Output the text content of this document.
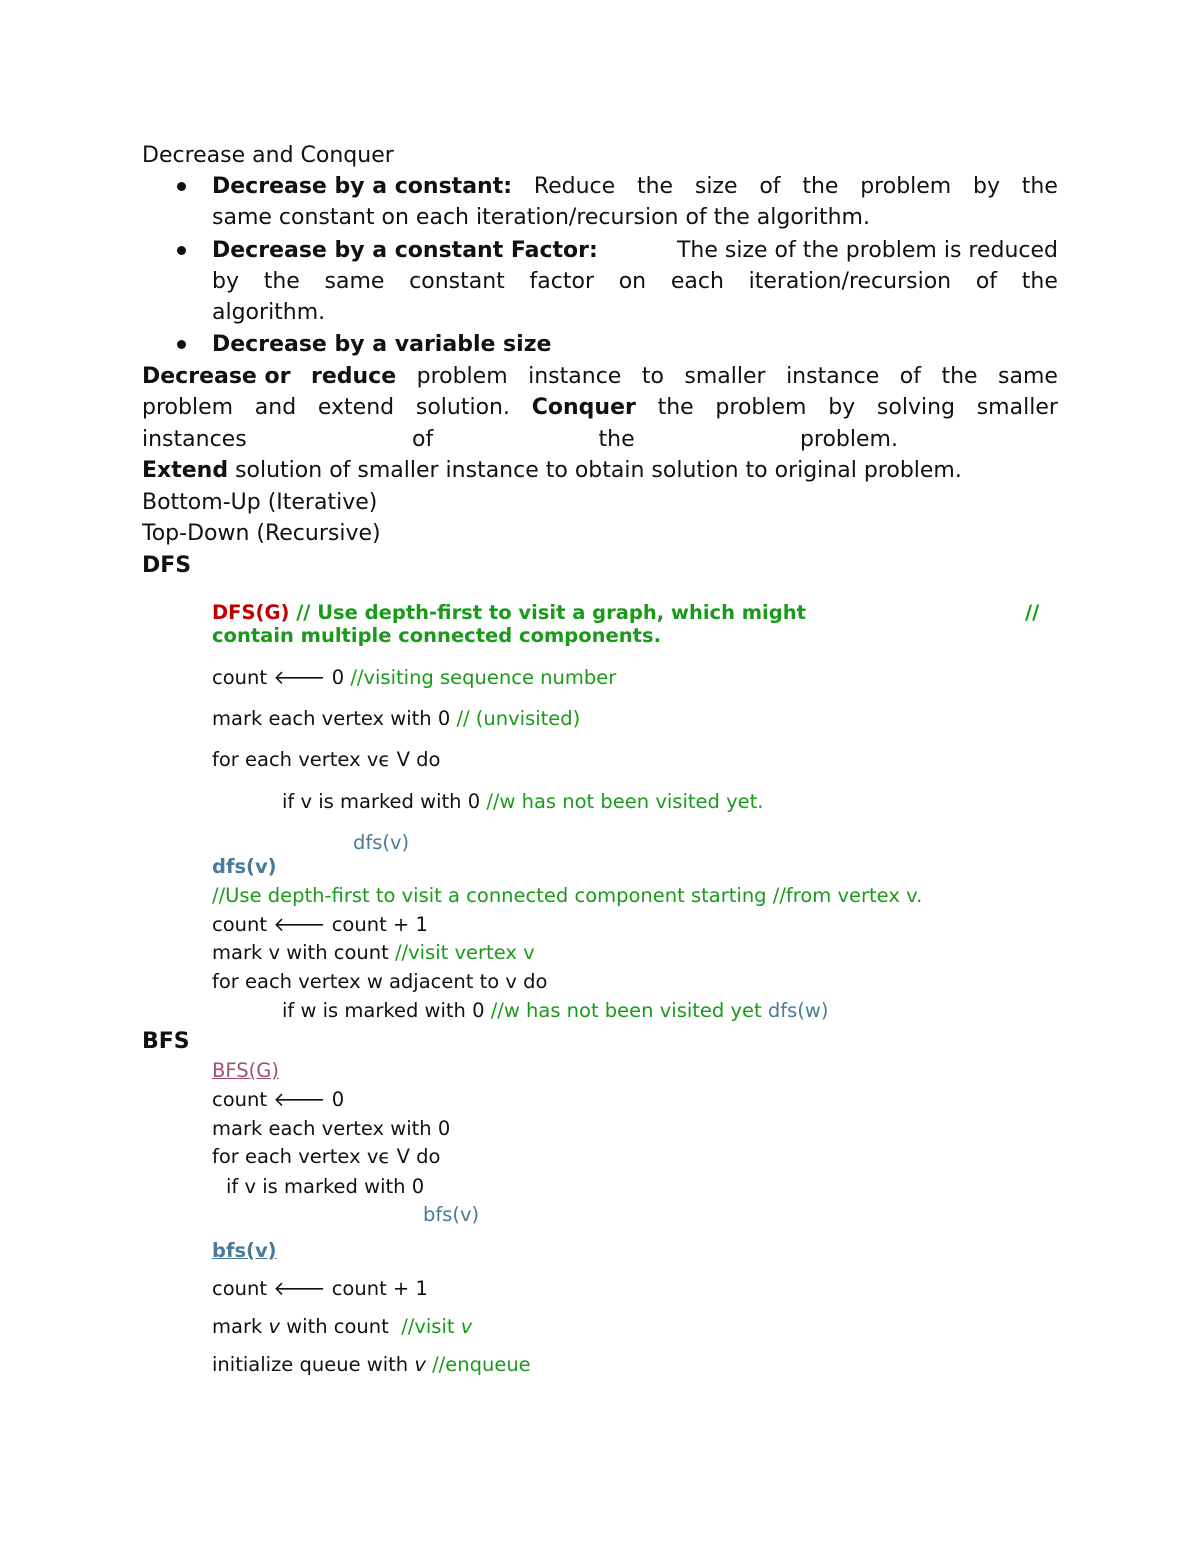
Decrease and Conquer
Decrease by a constant: Reduce the size of the problem by the
same constant on each iteration/recursion of the algorithm.
Decrease by a constant Factor:	The size of the problem is reduced
by the same constant factor on each iteration/recursion of the
algorithm.
Decrease by a variable size
Decrease or reduce problem instance to smaller instance of the same
problem and extend solution. Conquer the problem by solving smaller
instances	of	the	problem.
Extend solution of smaller instance to obtain solution to original problem.
Bottom-Up (Iterative)
Top-Down (Recursive)
DFS
DFS(G) // Use depth-first to visit a graph, which might	//
contain multiple connected components.
count 🡐 0 //visiting sequence number
mark each vertex with 0 // (unvisited)
for each vertex vϵ V do
if v is marked with 0 //w has not been visited yet.
dfs(v)
dfs(v)
//Use depth-first to visit a connected component starting //from vertex v.
count 🡐 count + 1
mark v with count //visit vertex v
for each vertex w adjacent to v do
if w is marked with 0 //w has not been visited yet dfs(w)
BFS
BFS(G)
count 🡐 0
mark each vertex with 0
for each vertex vϵ V do
if v is marked with 0
bfs(v)
bfs(v)
count 🡐 count + 1
mark v with count  //visit v
initialize queue with v //enqueue
